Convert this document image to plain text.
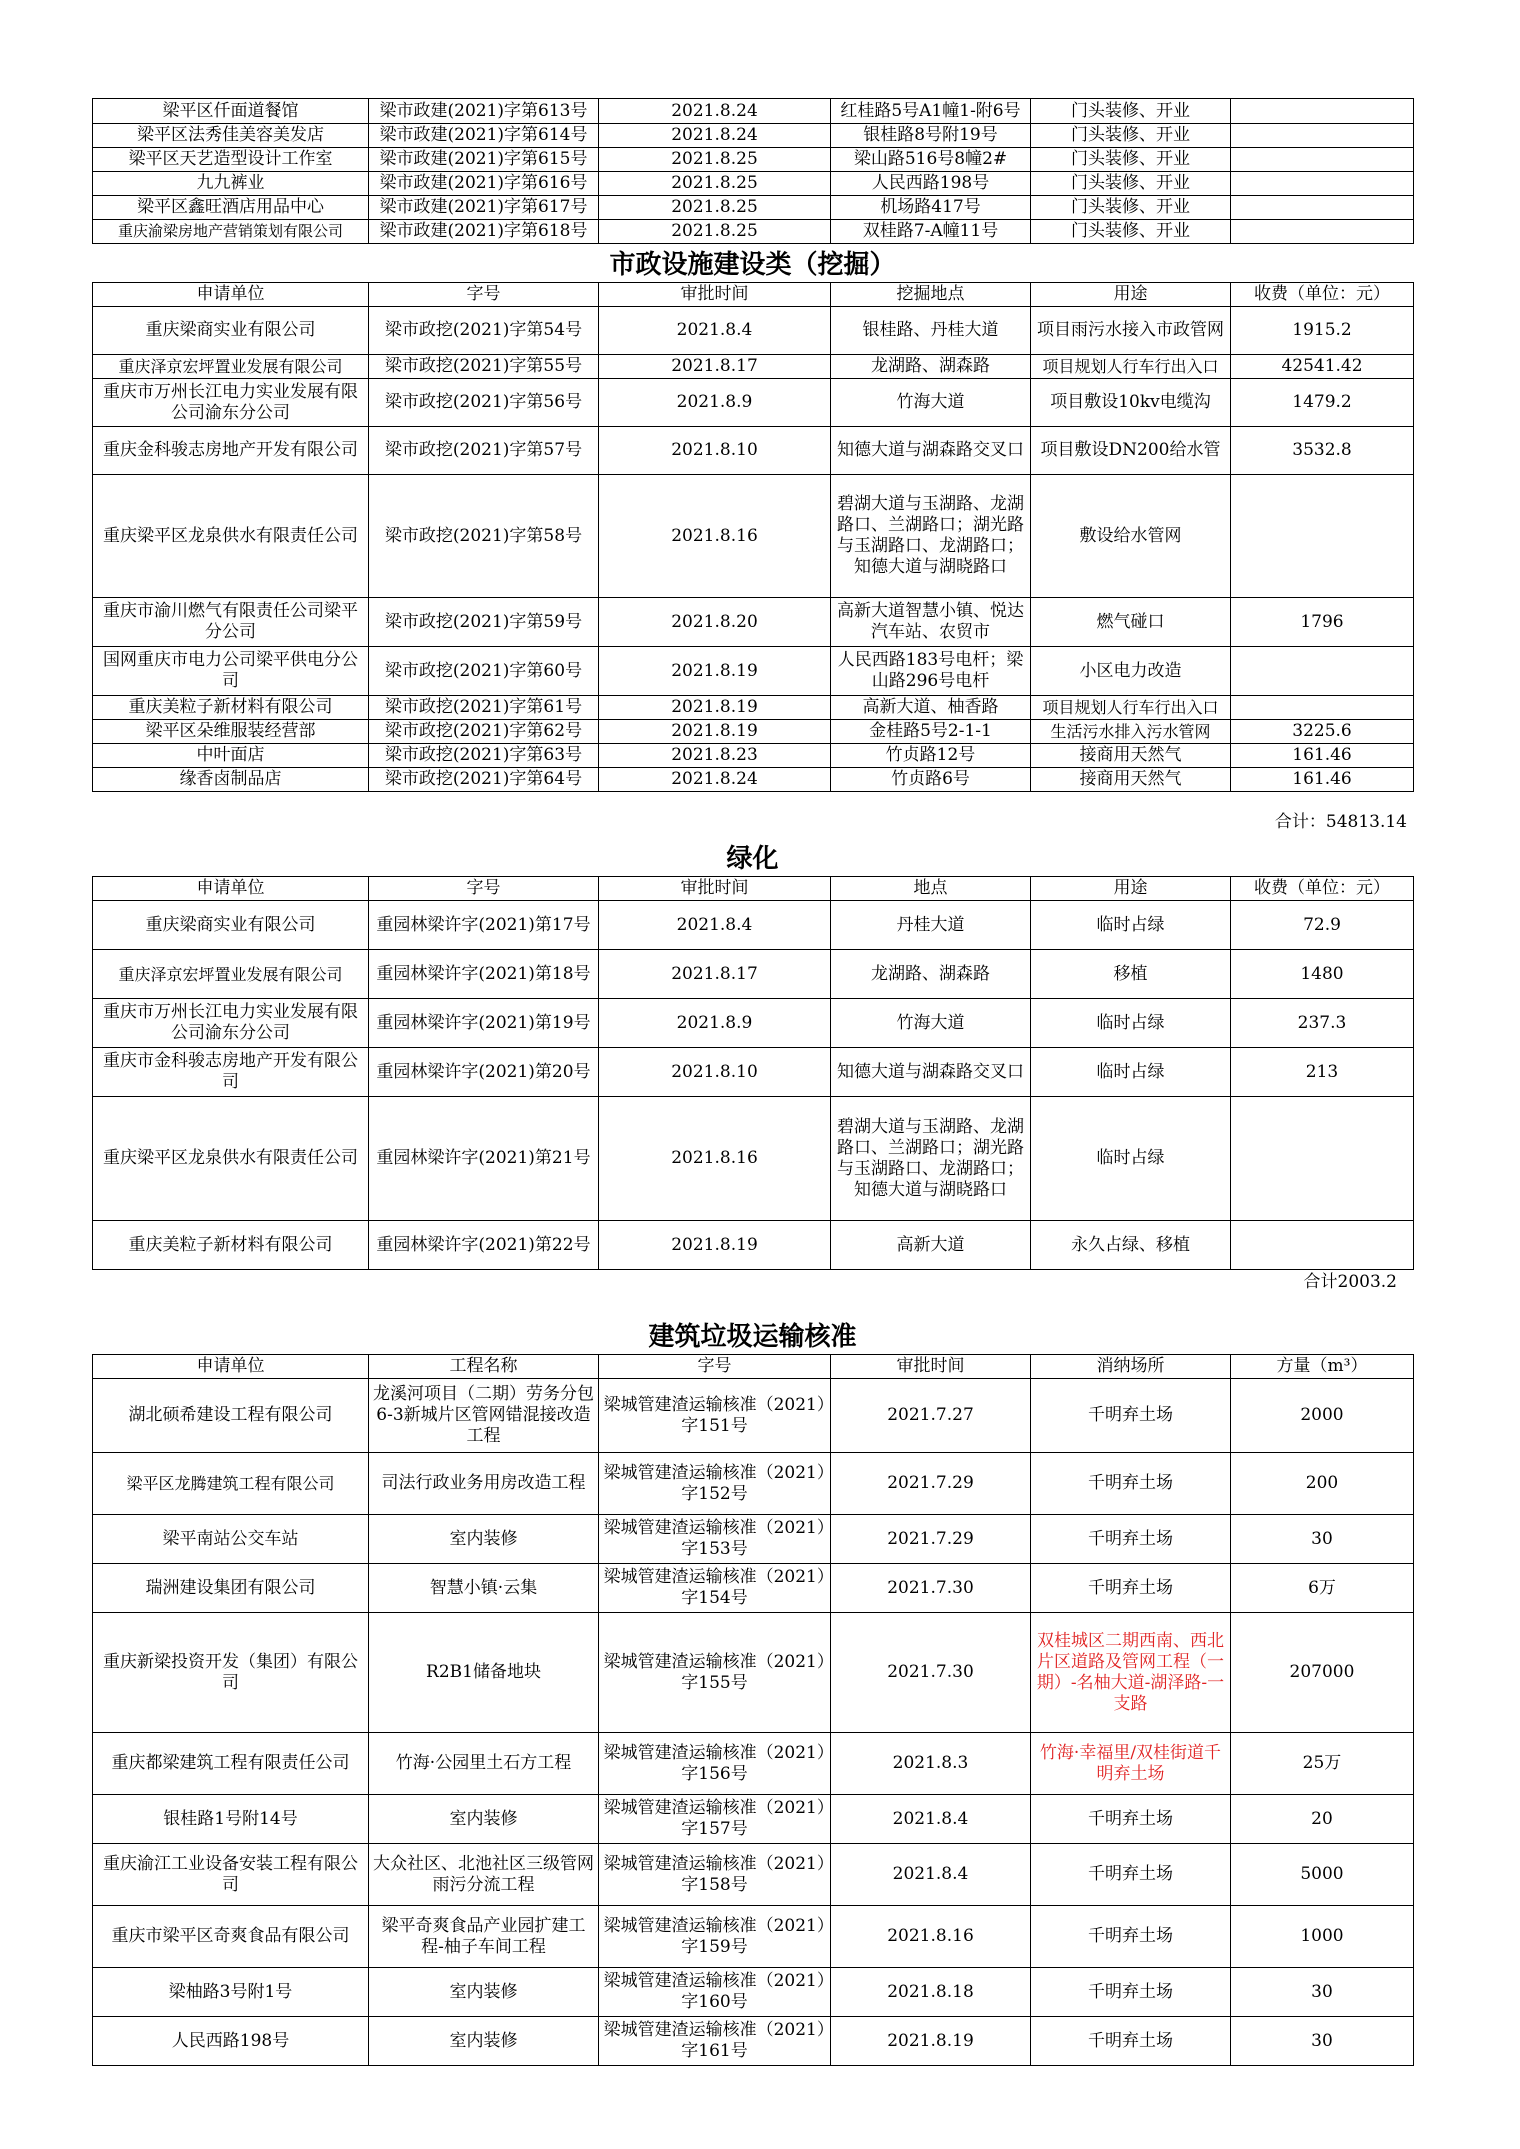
梁平区仟面道餐馆	梁市政建(2021)字第613号	2021.8.24	红桂路5号A1幢1-附6号	门头装修、开业	
梁平区法秀佳美容美发店	梁市政建(2021)字第614号	2021.8.24	银桂路8号附19号	门头装修、开业	
梁平区天艺造型设计工作室	梁市政建(2021)字第615号	2021.8.25	梁山路516号8幢2#	门头装修、开业	
九九裤业	梁市政建(2021)字第616号	2021.8.25	人民西路198号	门头装修、开业	
梁平区鑫旺酒店用品中心	梁市政建(2021)字第617号	2021.8.25	机场路417号	门头装修、开业	
重庆渝梁房地产营销策划有限公司	梁市政建(2021)字第618号	2021.8.25	双桂路7-A幢11号	门头装修、开业	
市政设施建设类（挖掘）
申请单位	字号	审批时间	挖掘地点	用途	收费（单位：元）
重庆梁商实业有限公司	梁市政挖(2021)字第54号	2021.8.4	银桂路、丹桂大道	项目雨污水接入市政管网	1915.2
重庆泽京宏坪置业发展有限公司	梁市政挖(2021)字第55号	2021.8.17	龙湖路、湖森路	项目规划人行车行出入口	42541.42
重庆市万州长江电力实业发展有限公司渝东分公司	梁市政挖(2021)字第56号	2021.8.9	竹海大道	项目敷设10kv电缆沟	1479.2
重庆金科骏志房地产开发有限公司	梁市政挖(2021)字第57号	2021.8.10	知德大道与湖森路交叉口	项目敷设DN200给水管	3532.8
重庆梁平区龙泉供水有限责任公司	梁市政挖(2021)字第58号	2021.8.16	碧湖大道与玉湖路、龙湖路口、兰湖路口；湖光路与玉湖路口、龙湖路口；知德大道与湖晓路口	敷设给水管网	
重庆市渝川燃气有限责任公司梁平分公司	梁市政挖(2021)字第59号	2021.8.20	高新大道智慧小镇、悦达汽车站、农贸市	燃气碰口	1796
国网重庆市电力公司梁平供电分公司	梁市政挖(2021)字第60号	2021.8.19	人民西路183号电杆；梁山路296号电杆	小区电力改造	
重庆美粒子新材料有限公司	梁市政挖(2021)字第61号	2021.8.19	高新大道、柚香路	项目规划人行车行出入口	
梁平区朵维服装经营部	梁市政挖(2021)字第62号	2021.8.19	金桂路5号2-1-1	生活污水排入污水管网	3225.6
中叶面店	梁市政挖(2021)字第63号	2021.8.23	竹贞路12号	接商用天然气	161.46
缘香卤制品店	梁市政挖(2021)字第64号	2021.8.24	竹贞路6号	接商用天然气	161.46
合计：54813.14
绿化
申请单位	字号	审批时间	地点	用途	收费（单位：元）
重庆梁商实业有限公司	重园林梁许字(2021)第17号	2021.8.4	丹桂大道	临时占绿	72.9
重庆泽京宏坪置业发展有限公司	重园林梁许字(2021)第18号	2021.8.17	龙湖路、湖森路	移植	1480
重庆市万州长江电力实业发展有限公司渝东分公司	重园林梁许字(2021)第19号	2021.8.9	竹海大道	临时占绿	237.3
重庆市金科骏志房地产开发有限公司	重园林梁许字(2021)第20号	2021.8.10	知德大道与湖森路交叉口	临时占绿	213
重庆梁平区龙泉供水有限责任公司	重园林梁许字(2021)第21号	2021.8.16	碧湖大道与玉湖路、龙湖路口、兰湖路口；湖光路与玉湖路口、龙湖路口；知德大道与湖晓路口	临时占绿	
重庆美粒子新材料有限公司	重园林梁许字(2021)第22号	2021.8.19	高新大道	永久占绿、移植	
合计2003.2
建筑垃圾运输核准
申请单位	工程名称	字号	审批时间	消纳场所	方量（m³）
湖北硕希建设工程有限公司	龙溪河项目（二期）劳务分包6-3新城片区管网错混接改造工程	梁城管建渣运输核准（2021）字151号	2021.7.27	千明弃土场	2000
梁平区龙腾建筑工程有限公司	司法行政业务用房改造工程	梁城管建渣运输核准（2021）字152号	2021.7.29	千明弃土场	200
梁平南站公交车站	室内装修	梁城管建渣运输核准（2021）字153号	2021.7.29	千明弃土场	30
瑞洲建设集团有限公司	智慧小镇·云集	梁城管建渣运输核准（2021）字154号	2021.7.30	千明弃土场	6万
重庆新梁投资开发（集团）有限公司	R2B1储备地块	梁城管建渣运输核准（2021）字155号	2021.7.30	双桂城区二期西南、西北片区道路及管网工程（一期）-名柚大道-湖泽路-一支路	207000
重庆都梁建筑工程有限责任公司	竹海·公园里土石方工程	梁城管建渣运输核准（2021）字156号	2021.8.3	竹海·幸福里/双桂街道千明弃土场	25万
银桂路1号附14号	室内装修	梁城管建渣运输核准（2021）字157号	2021.8.4	千明弃土场	20
重庆渝江工业设备安装工程有限公司	大众社区、北池社区三级管网雨污分流工程	梁城管建渣运输核准（2021）字158号	2021.8.4	千明弃土场	5000
重庆市梁平区奇爽食品有限公司	梁平奇爽食品产业园扩建工程-柚子车间工程	梁城管建渣运输核准（2021）字159号	2021.8.16	千明弃土场	1000
梁柚路3号附1号	室内装修	梁城管建渣运输核准（2021）字160号	2021.8.18	千明弃土场	30
人民西路198号	室内装修	梁城管建渣运输核准（2021）字161号	2021.8.19	千明弃土场	30
